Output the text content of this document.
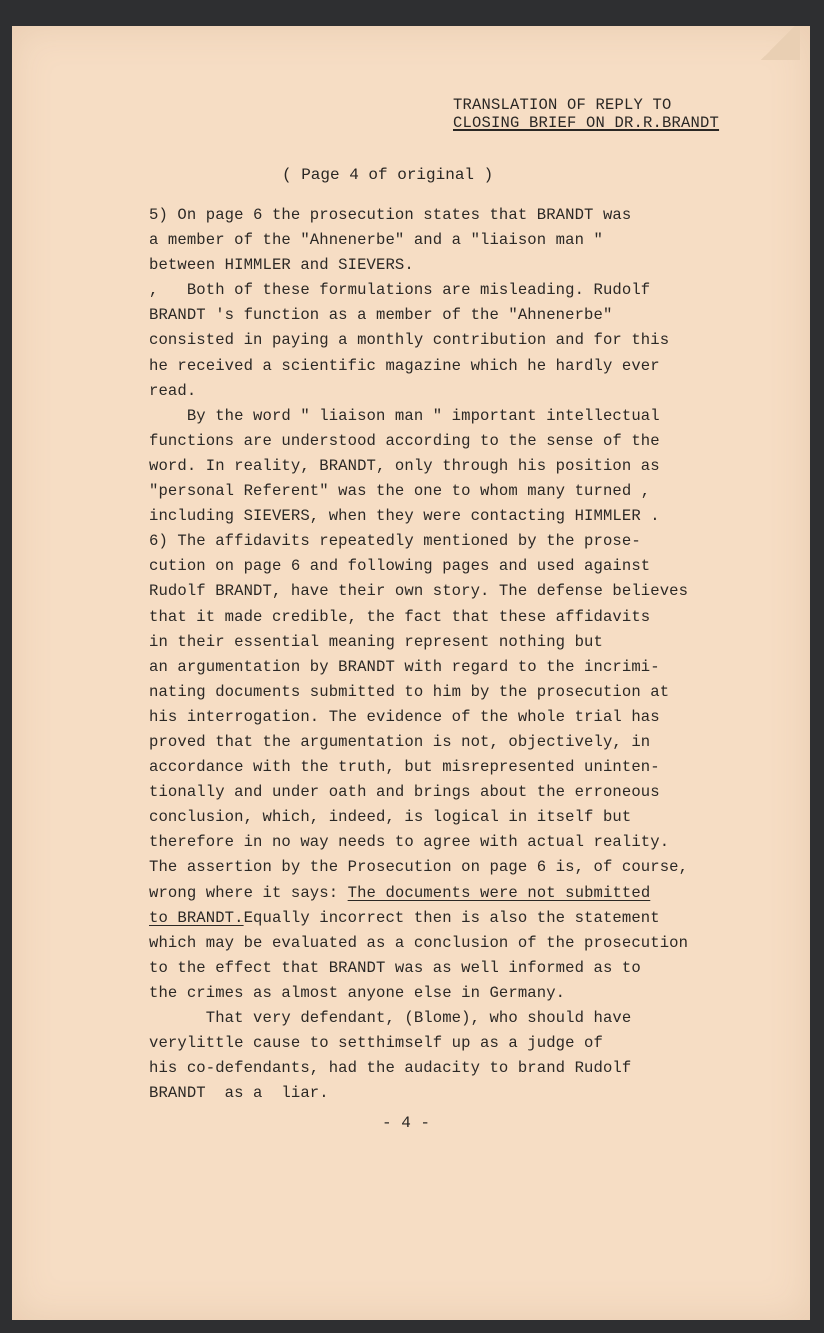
TRANSLATION OF REPLY TO
CLOSING BRIEF ON DR.R.BRANDT
( Page 4 of original )

5) On page 6 the prosecution states that BRANDT was

a member of the "Ahnenerbe" and a "liaison man "

between HIMMLER and SIEVERS.

,   Both of these formulations are misleading. Rudolf

BRANDT 's function as a member of the "Ahnenerbe"

consisted in paying a monthly contribution and for this

he received a scientific magazine which he hardly ever

read.

By the word " liaison man " important intellectual

functions are understood according to the sense of the

word. In reality, BRANDT, only through his position as

"personal Referent" was the one to whom many turned ,

including SIEVERS, when they were contacting HIMMLER .

6) The affidavits repeatedly mentioned by the prose-

cution on page 6 and following pages and used against

Rudolf BRANDT, have their own story. The defense believes

that it made credible, the fact that these affidavits

in their essential meaning represent nothing but

an argumentation by BRANDT with regard to the incrimi-

nating documents submitted to him by the prosecution at

his interrogation. The evidence of the whole trial has

proved that the argumentation is not, objectively, in

accordance with the truth, but misrepresented uninten-

tionally and under oath and brings about the erroneous

conclusion, which, indeed, is logical in itself but

therefore in no way needs to agree with actual reality.

The assertion by the Prosecution on page 6 is, of course,

wrong where it says: The documents were not submitted

to BRANDT.Equally incorrect then is also the statement

which may be evaluated as a conclusion of the prosecution

to the effect that BRANDT was as well informed as to

the crimes as almost anyone else in Germany.

That very defendant, (Blome), who should have

verylittle cause to setthimself up as a judge of

his co-defendants, had the audacity to brand Rudolf

BRANDT  as a  liar.

- 4 -
